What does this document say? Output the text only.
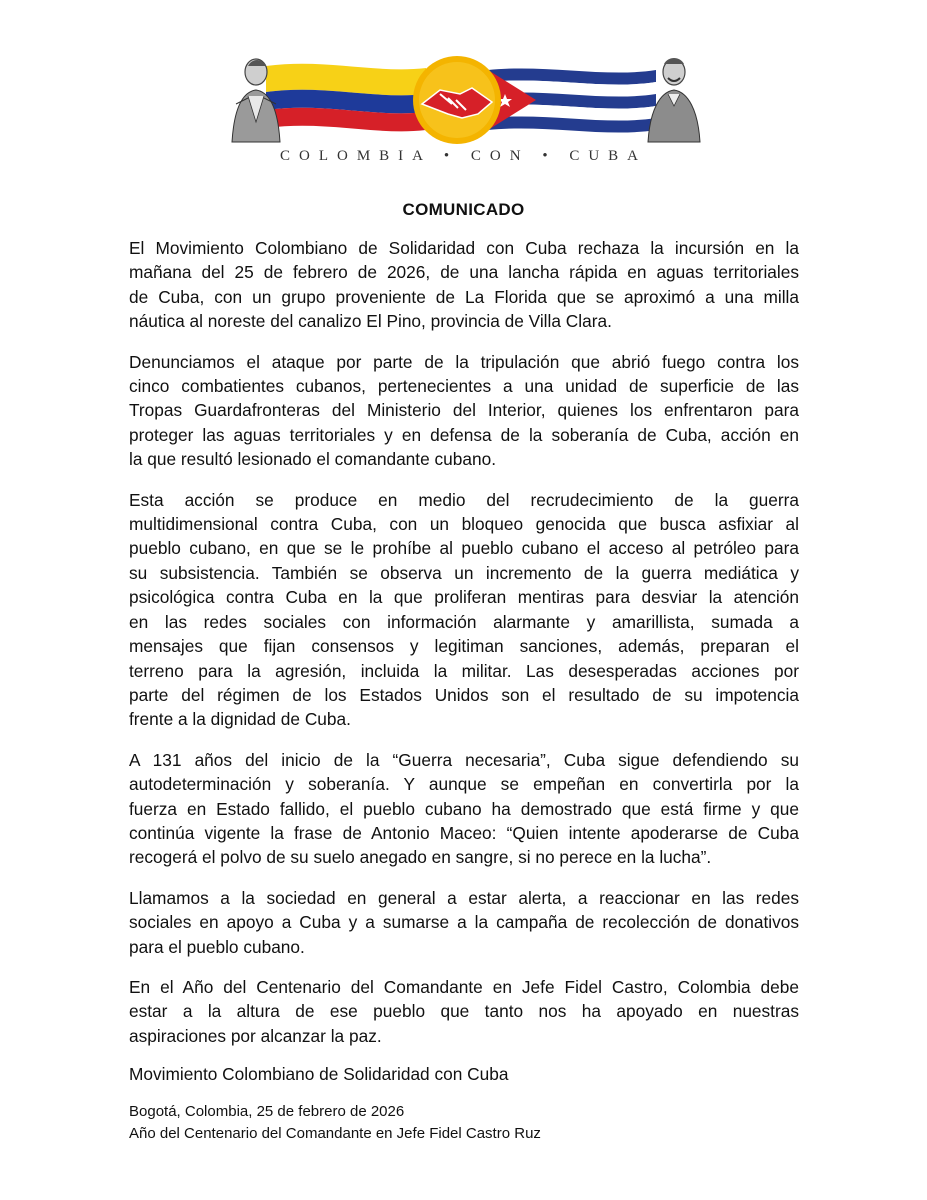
COLOMBIA • CON • CUBA
COMUNICADO

El Movimiento Colombiano de Solidaridad con Cuba rechaza la incursión en la
mañana del 25 de febrero de 2026, de una lancha rápida en aguas territoriales
de Cuba, con un grupo proveniente de La Florida que se aproximó a una milla
náutica al noreste del canalizo El Pino, provincia de Villa Clara.

Denunciamos el ataque por parte de la tripulación que abrió fuego contra los
cinco combatientes cubanos, pertenecientes a una unidad de superficie de las
Tropas Guardafronteras del Ministerio del Interior, quienes los enfrentaron para
proteger las aguas territoriales y en defensa de la soberanía de Cuba, acción en
la que resultó lesionado el comandante cubano.

Esta acción se produce en medio del recrudecimiento de la guerra
multidimensional contra Cuba, con un bloqueo genocida que busca asfixiar al
pueblo cubano, en que se le prohíbe al pueblo cubano el acceso al petróleo para
su subsistencia. También se observa un incremento de la guerra mediática y
psicológica contra Cuba en la que proliferan mentiras para desviar la atención
en las redes sociales con información alarmante y amarillista, sumada a
mensajes que fijan consensos y legitiman sanciones, además, preparan el
terreno para la agresión, incluida la militar. Las desesperadas acciones por
parte del régimen de los Estados Unidos son el resultado de su impotencia
frente a la dignidad de Cuba.

A 131 años del inicio de la “Guerra necesaria”, Cuba sigue defendiendo su
autodeterminación y soberanía. Y aunque se empeñan en convertirla por la
fuerza en Estado fallido, el pueblo cubano ha demostrado que está firme y que
continúa vigente la frase de Antonio Maceo: “Quien intente apoderarse de Cuba
recogerá el polvo de su suelo anegado en sangre, si no perece en la lucha”.

Llamamos a la sociedad en general a estar alerta, a reaccionar en las redes
sociales en apoyo a Cuba y a sumarse a la campaña de recolección de donativos
para el pueblo cubano.

En el Año del Centenario del Comandante en Jefe Fidel Castro, Colombia debe
estar a la altura de ese pueblo que tanto nos ha apoyado en nuestras
aspiraciones por alcanzar la paz.

Movimiento Colombiano de Solidaridad con Cuba
Bogotá, Colombia, 25 de febrero de 2026
Año del Centenario del Comandante en Jefe Fidel Castro Ruz
